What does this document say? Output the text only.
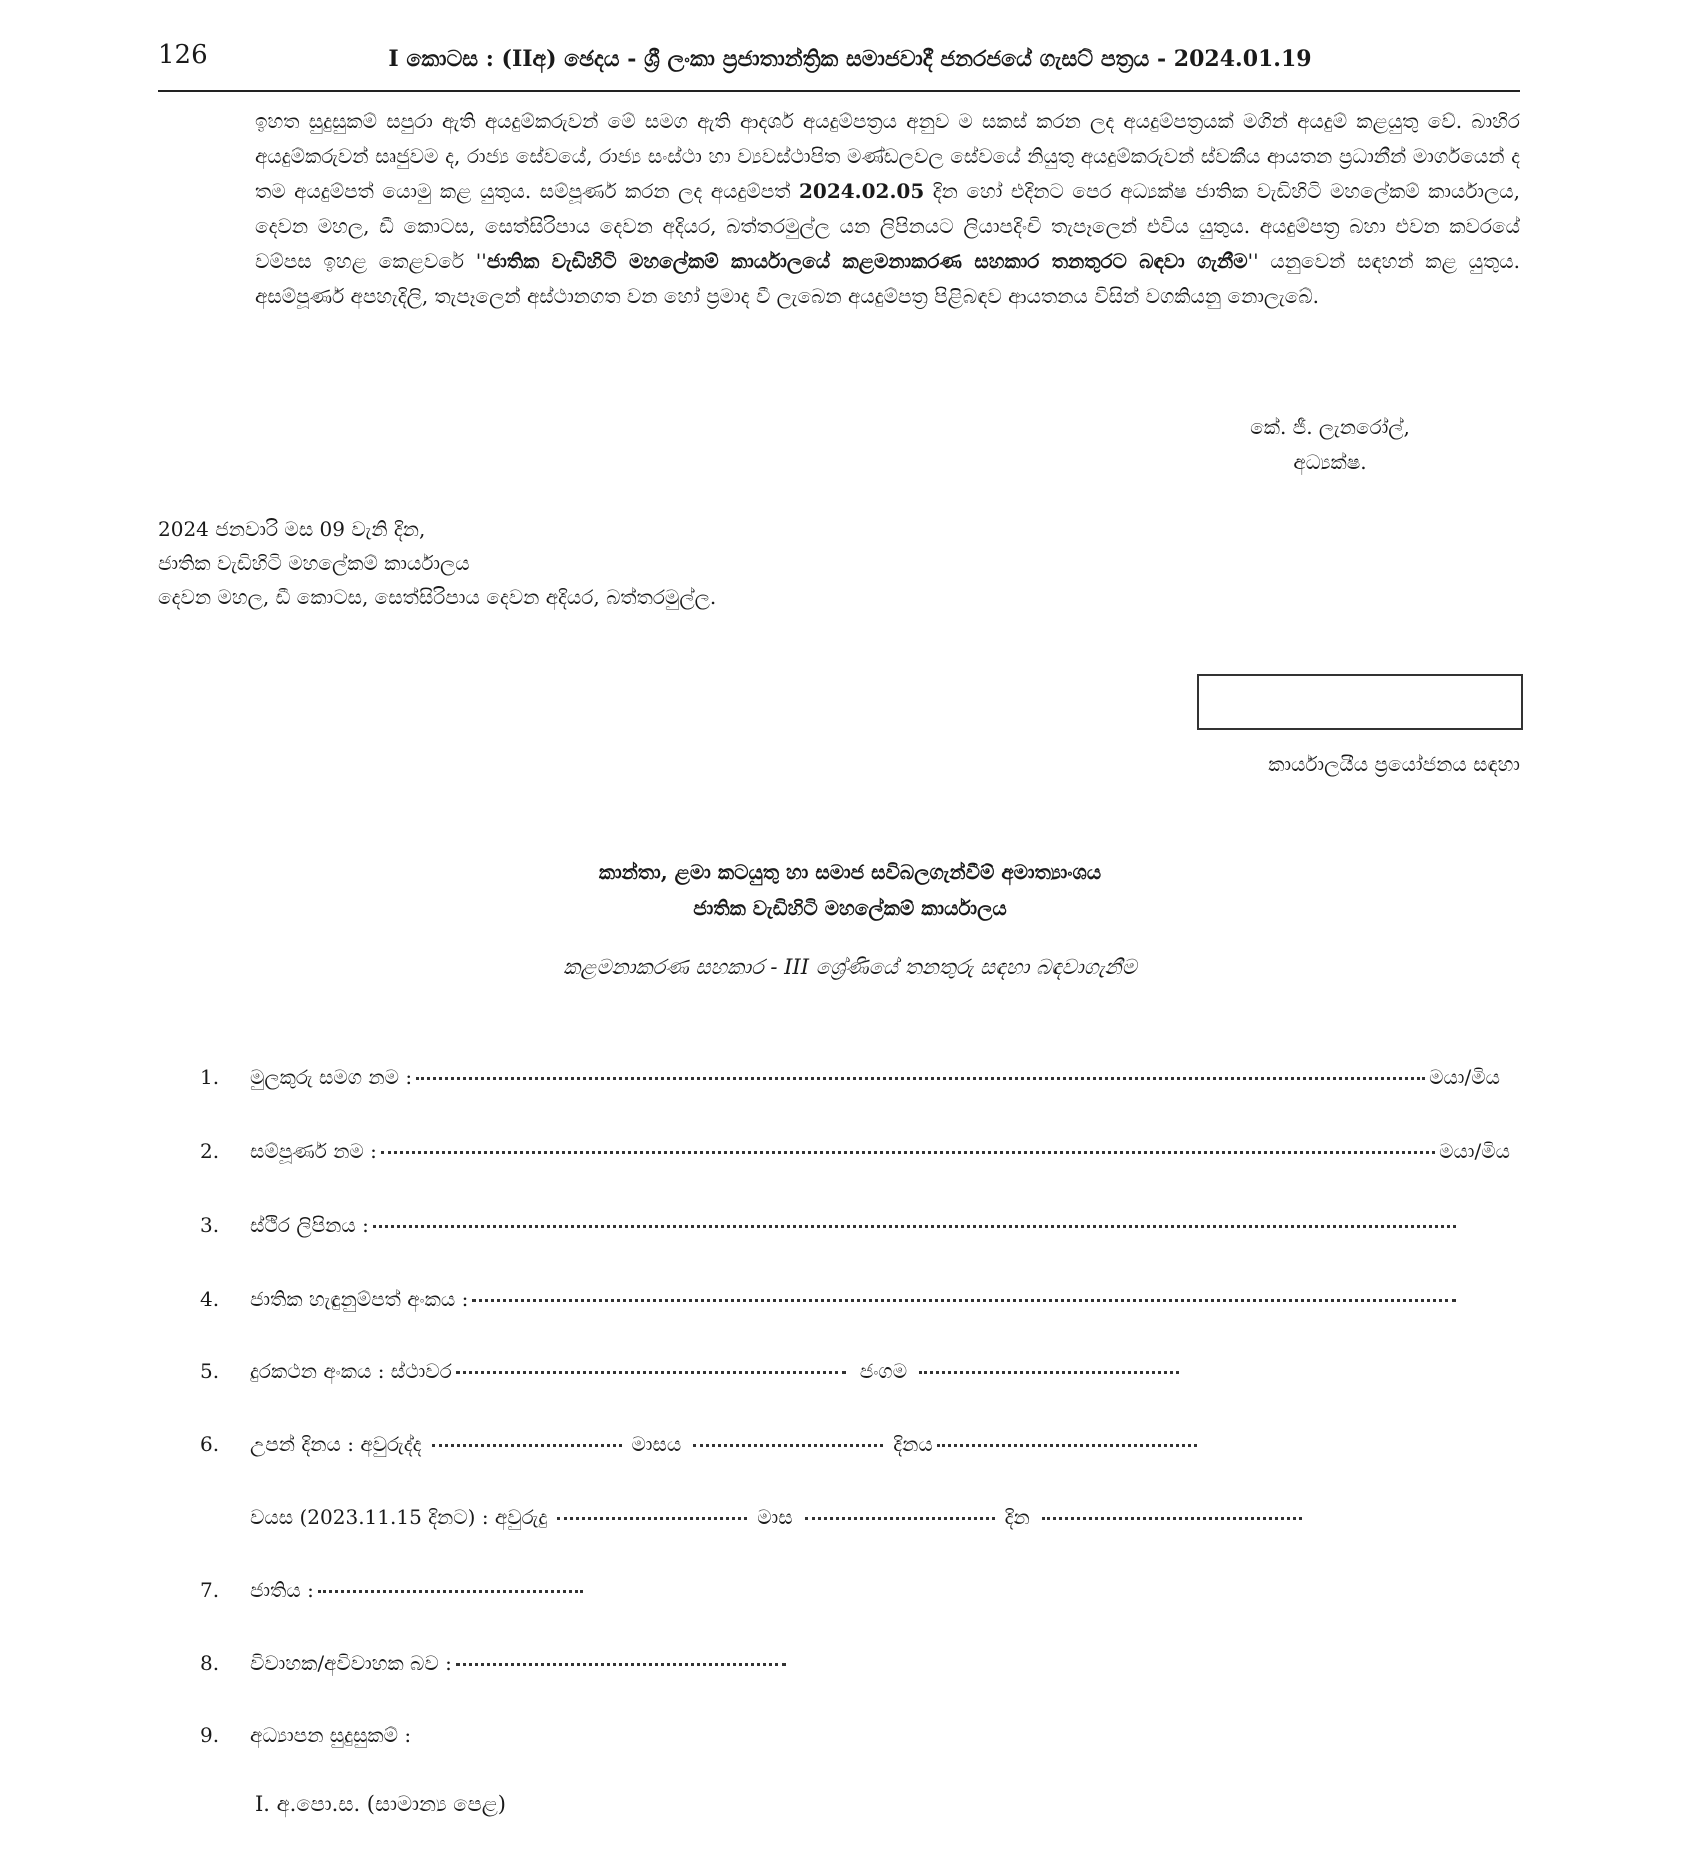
126	I කොටස : (IIඅ) ඡෙදය - ශ්‍රී ලංකා ප්‍රජාතාන්ත්‍රික සමාජවාදී ජනරජයේ ගැසට් පත්‍රය - 2024.01.19
ඉහත සුදුසුකම් සපුරා ඇති අයදුම්කරුවන් මේ සමග ඇති ආදර්ශ අයදුම්පත්‍රය අනුව ම සකස් කරන ලද අයදුම්පත්‍රයක් මගින් අයදුම් කළයුතු වේ. බාහිර අයදුම්කරුවන් සෘජුවම ද, රාජ්‍ය සේවයේ, රාජ්‍ය සංස්ථා හා ව්‍යවස්ථාපිත මණ්ඩලවල සේවයේ නියුතු අයදුම්කරුවන් ස්වකීය ආයතන ප්‍රධානීන් මාර්ගයෙන් ද තම අයදුම්පත් යොමු කළ යුතුය. සම්පූර්ණ කරන ලද අයදුම්පත් 2024.02.05 දින හෝ එදිනට පෙර අධ්‍යක්ෂ ජාතික වැඩිහිටි මහලේකම් කාර්යාලය, දෙවන මහල, ඩී කොටස, සෙත්සිරිපාය දෙවන අදියර, බත්තරමුල්ල යන ලිපිනයට ලියාපදිංචි තැපෑලෙන් එවිය යුතුය. අයදුම්පත්‍ර බහා එවන කවරයේ වම්පස ඉහළ කෙළවරේ ''ජාතික වැඩිහිටි මහලේකම් කාර්යාලයේ කළමනාකරණ සහකාර තනතුරට බඳවා ගැනීම'' යනුවෙන් සඳහන් කළ යුතුය. අසම්පූර්ණ අපහැදිලි, තැපෑලෙන් අස්ථානගත වන හෝ ප්‍රමාද වී ලැබෙන අයදුම්පත්‍ර පිළිබඳව ආයතනය විසින් වගකියනු නොලැබේ.
කේ. ජී. ලැනරෝල්,
අධ්‍යක්ෂ.
2024 ජනවාරි මස 09 වැනි දින,
ජාතික වැඩිහිටි මහලේකම් කාර්යාලය
දෙවන මහල, ඩී කොටස, සෙත්සිරිපාය දෙවන අදියර, බත්තරමුල්ල.
කාර්යාලයීය ප්‍රයෝජනය සඳහා
කාන්තා, ළමා කටයුතු හා සමාජ සවිබලගැන්වීම් අමාත්‍යාංශය
ජාතික වැඩිහිටි මහලේකම් කාර්යාලය
කළමනාකරණ සහකාර - III ශ්‍රේණියේ තනතුරු සඳහා බඳවාගැනීම
1.	මුලකුරු සමග නම :	මයා/මිය
2.	සම්පූර්ණ නම :	මයා/මිය
3.	ස්ථිර ලිපිනය :
4.	ජාතික හැඳුනුම්පත් අංකය :
5.	දුරකථන අංකය : ස්ථාවර	ජංගම
6.	උපන් දිනය : අවුරුද්ද	මාසය	දිනය
වයස (2023.11.15 දිනට) : අවුරුදු	මාස	දින
7.	ජාතිය :
8.	විවාහක/අවිවාහක බව :
9.	අධ්‍යාපන සුදුසුකම් :
I. අ.පො.ස. (සාමාන්‍ය පෙළ)
